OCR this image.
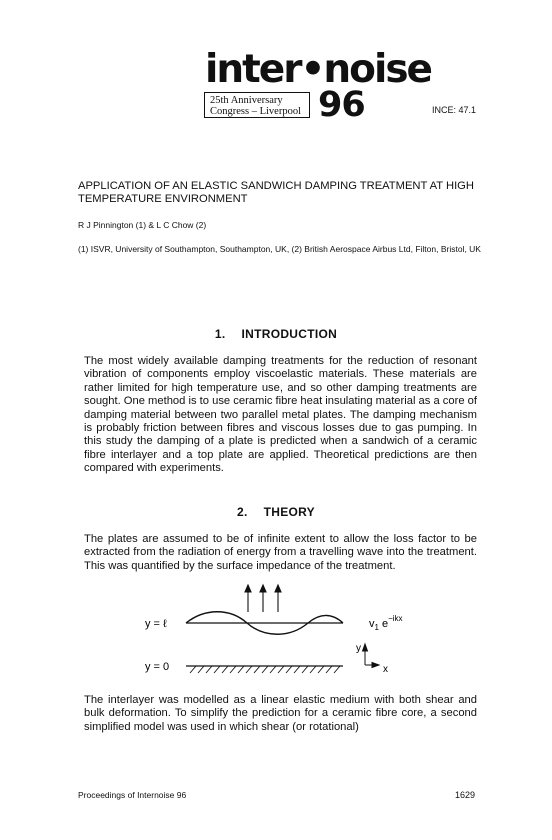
inter•noise
25th Anniversary
Congress – Liverpool 96	INCE: 47.1
APPLICATION OF AN ELASTIC SANDWICH DAMPING TREATMENT AT HIGH TEMPERATURE ENVIRONMENT
R J Pinnington (1) & L C Chow (2)
(1) ISVR, University of Southampton, Southampton, UK, (2) British Aerospace Airbus Ltd, Filton, Bristol, UK
1. INTRODUCTION
The most widely available damping treatments for the reduction of resonant vibration of components employ viscoelastic materials. These materials are rather limited for high temperature use, and so other damping treatments are sought. One method is to use ceramic fibre heat insulating material as a core of damping material between two parallel metal plates. The damping mechanism is probably friction between fibres and viscous losses due to gas pumping. In this study the damping of a plate is predicted when a sandwich of a ceramic fibre interlayer and a top plate are applied. Theoretical predictions are then compared with experiments.
2. THEORY
The plates are assumed to be of infinite extent to allow the loss factor to be extracted from the radiation of energy from a travelling wave into the treatment. This was quantified by the surface impedance of the treatment.
y = ℓ
y = 0
$v_1$ $e^{-ikx}$
y
x
The interlayer was modelled as a linear elastic medium with both shear and bulk deformation. To simplify the prediction for a ceramic fibre core, a second simplified model was used in which shear (or rotational)
Proceedings of Internoise 96	1629
